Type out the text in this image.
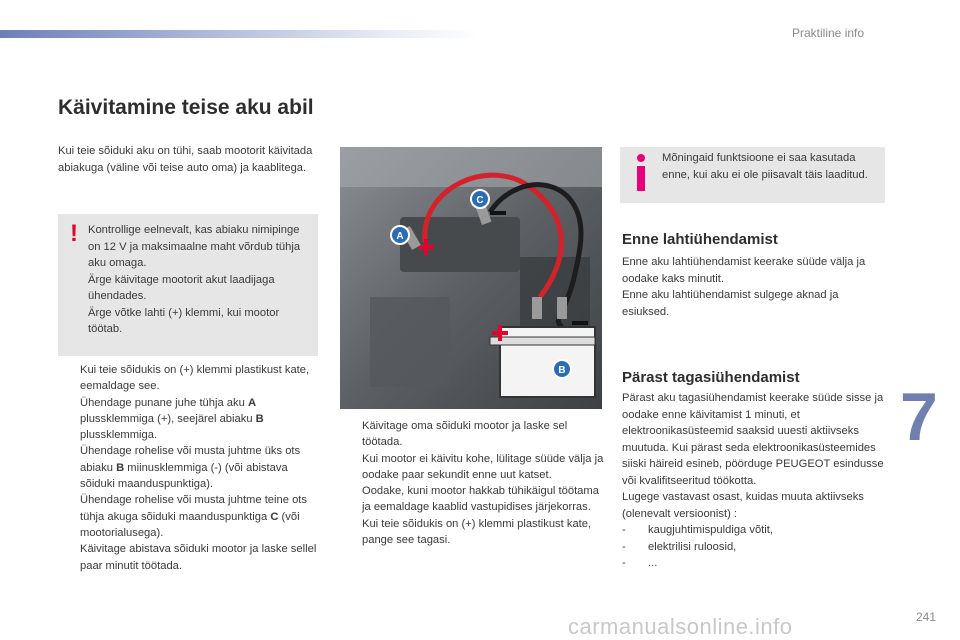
Praktiline info
Käivitamine teise aku abil

Kui teie sõiduki aku on tühi, saab mootorit käivitada abiakuga (väline või teise auto oma) ja kaablitega.

! Kontrollige eelnevalt, kas abiaku nimipinge on 12 V ja maksimaalne maht võrdub tühja aku omaga.
Ärge käivitage mootorit akut laadijaga ühendades.
Ärge võtke lahti (+) klemmi, kui mootor töötab.
Kui teie sõidukis on (+) klemmi plastikust kate, eemaldage see.
Ühendage punane juhe tühja aku A plussklemmiga (+), seejärel abiaku B plussklemmiga.
Ühendage rohelise või musta juhtme üks ots abiaku B miinusklemmiga (-) (või abistava sõiduki maanduspunktiga).
Ühendage rohelise või musta juhtme teine ots tühja akuga sõiduki maanduspunktiga C (või mootorialusega).
Käivitage abistava sõiduki mootor ja laske sellel paar minutit töötada.
A
C
B
Käivitage oma sõiduki mootor ja laske sel töötada.
Kui mootor ei käivitu kohe, lülitage süüde välja ja oodake paar sekundit enne uut katset.
Oodake, kuni mootor hakkab tühikäigul töötama ja eemaldage kaablid vastupidises järjekorras.
Kui teie sõidukis on (+) klemmi plastikust kate, pange see tagasi.

Mõningaid funktsioone ei saa kasutada enne, kui aku ei ole piisavalt täis laaditud.

Enne lahtiühendamist
Enne aku lahtiühendamist keerake süüde välja ja oodake kaks minutit.
Enne aku lahtiühendamist sulgege aknad ja esiuksed.
Pärast tagasiühendamist
Pärast aku tagasiühendamist keerake süüde sisse ja oodake enne käivitamist 1 minuti, et elektroonikasüsteemid saaksid uuesti aktiivseks muutuda. Kui pärast seda elektroonikasüsteemides siiski häireid esineb, pöörduge PEUGEOT esindusse või kvalifitseeritud töökotta.
Lugege vastavast osast, kuidas muuta aktiivseks (olenevalt versioonist) :
- kaugjuhtimispuldiga võtit,
- elektrilisi ruloosid,
- ...
7
241
carmanualsonline.info
